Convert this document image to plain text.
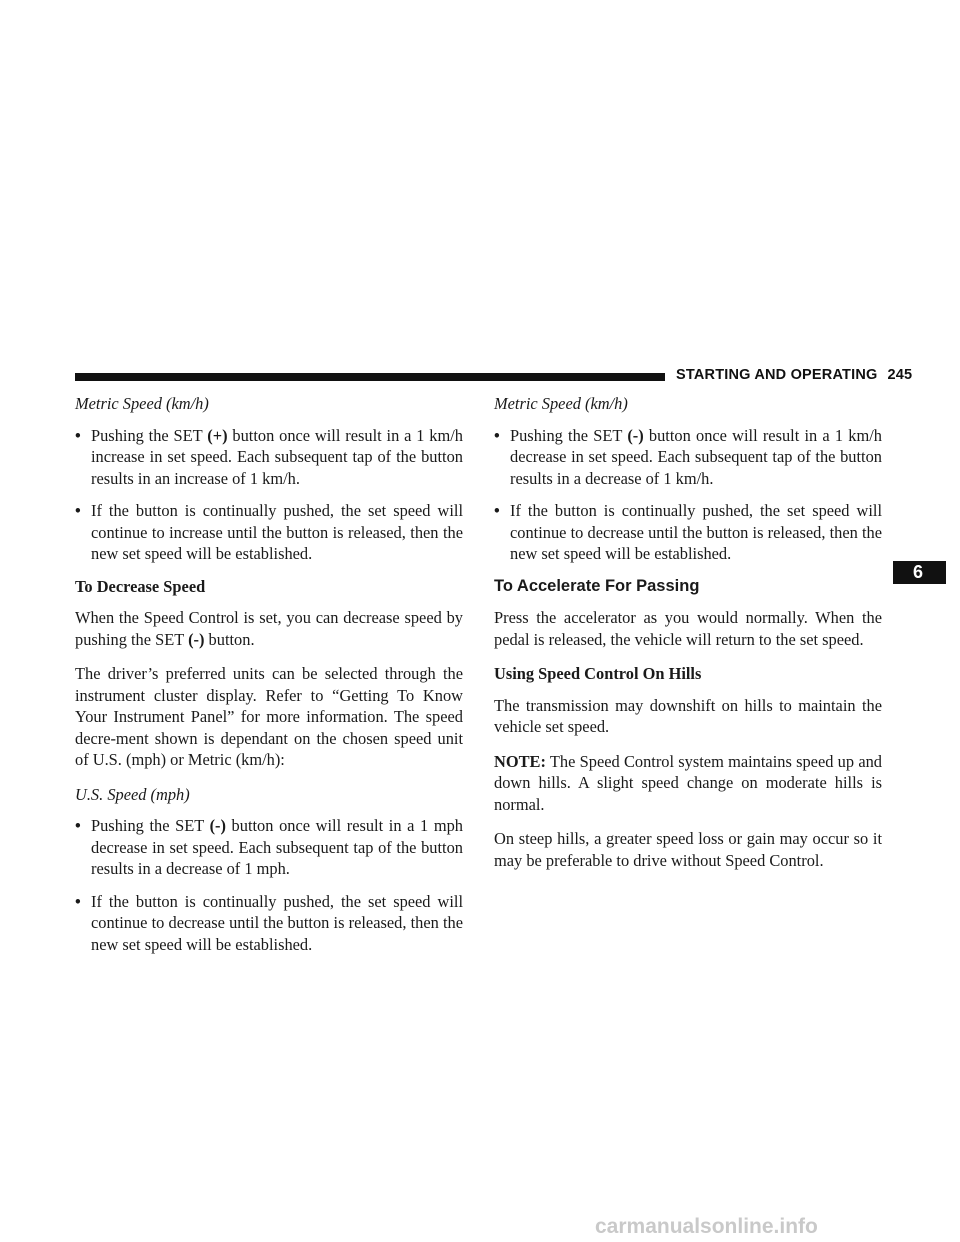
STARTING AND OPERATING 245
6

Metric Speed (km/h)

• Pushing the SET (+) button once will result in a 1 km/h increase in set speed. Each subsequent tap of the button results in an increase of 1 km/h.
• If the button is continually pushed, the set speed will continue to increase until the button is released, then the new set speed will be established.

To Decrease Speed

When the Speed Control is set, you can decrease speed by pushing the SET (-) button.

The driver’s preferred units can be selected through the instrument cluster display. Refer to “Getting To Know Your Instrument Panel” for more information. The speed decre-ment shown is dependant on the chosen speed unit of U.S. (mph) or Metric (km/h):

U.S. Speed (mph)

• Pushing the SET (-) button once will result in a 1 mph decrease in set speed. Each subsequent tap of the button results in a decrease of 1 mph.
• If the button is continually pushed, the set speed will continue to decrease until the button is released, then the new set speed will be established.

Metric Speed (km/h)

• Pushing the SET (-) button once will result in a 1 km/h decrease in set speed. Each subsequent tap of the button results in a decrease of 1 km/h.
• If the button is continually pushed, the set speed will continue to decrease until the button is released, then the new set speed will be established.

To Accelerate For Passing

Press the accelerator as you would normally. When the pedal is released, the vehicle will return to the set speed.

Using Speed Control On Hills

The transmission may downshift on hills to maintain the vehicle set speed.

NOTE: The Speed Control system maintains speed up and down hills. A slight speed change on moderate hills is normal.

On steep hills, a greater speed loss or gain may occur so it may be preferable to drive without Speed Control.

carmanualsonline.info
